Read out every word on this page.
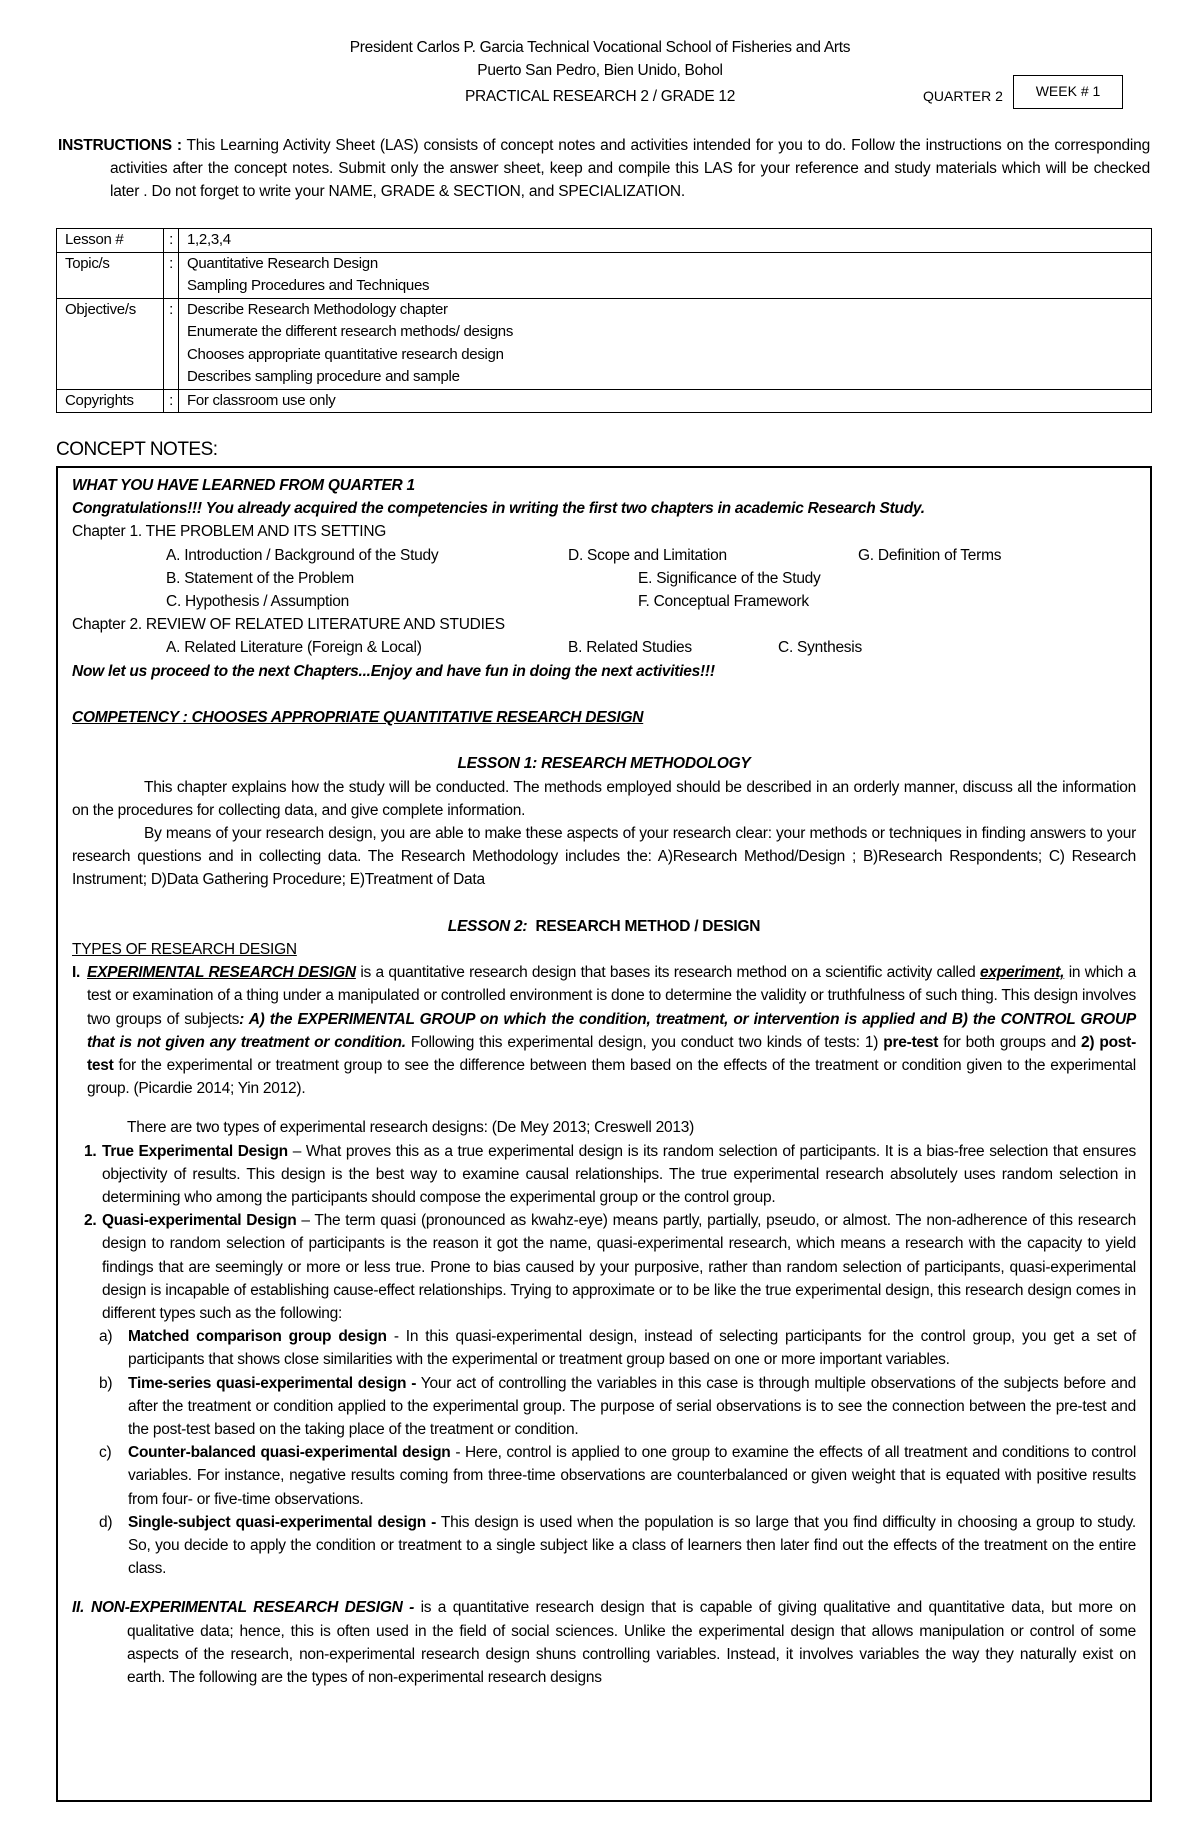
President Carlos P. Garcia Technical Vocational School of Fisheries and Arts
Puerto San Pedro, Bien Unido, Bohol
PRACTICAL RESEARCH 2 / GRADE 12	QUARTER 2	WEEK # 1
INSTRUCTIONS : This Learning Activity Sheet (LAS) consists of concept notes and activities intended for you to do. Follow the instructions on the corresponding activities after the concept notes. Submit only the answer sheet, keep and compile this LAS for your reference and study materials which will be checked later . Do not forget to write your NAME, GRADE & SECTION, and SPECIALIZATION.
Lesson #	:	1,2,3,4
Topic/s	:	Quantitative Research Design
Sampling Procedures and Techniques

Objective/s	:	Describe Research Methodology chapter
Enumerate the different research methods/ designs
Chooses appropriate quantitative research design
Describes sampling procedure and sample

Copyrights	:	For classroom use only
CONCEPT NOTES:
WHAT YOU HAVE LEARNED FROM QUARTER 1
Congratulations!!! You already acquired the competencies in writing the first two chapters in academic Research Study.
Chapter 1. THE PROBLEM AND ITS SETTING
A. Introduction / Background of the Study	D. Scope and Limitation	G. Definition of Terms
B. Statement of the Problem	E. Significance of the Study
C. Hypothesis / Assumption	F. Conceptual Framework
Chapter 2. REVIEW OF RELATED LITERATURE AND STUDIES
A. Related Literature (Foreign & Local)	B. Related Studies	C. Synthesis
Now let us proceed to the next Chapters...Enjoy and have fun in doing the next activities!!!
COMPETENCY : CHOOSES APPROPRIATE QUANTITATIVE RESEARCH DESIGN
LESSON 1: RESEARCH METHODOLOGY
This chapter explains how the study will be conducted. The methods employed should be described in an orderly manner, discuss all the information on the procedures for collecting data, and give complete information.
By means of your research design, you are able to make these aspects of your research clear: your methods or techniques in finding answers to your research questions and in collecting data. The Research Methodology includes the: A)Research Method/Design ; B)Research Respondents; C) Research Instrument; D)Data Gathering Procedure; E)Treatment of Data
LESSON 2: RESEARCH METHOD / DESIGN
TYPES OF RESEARCH DESIGN
I. EXPERIMENTAL RESEARCH DESIGN is a quantitative research design that bases its research method on a scientific activity called experiment, in which a test or examination of a thing under a manipulated or controlled environment is done to determine the validity or truthfulness of such thing. This design involves two groups of subjects: A) the EXPERIMENTAL GROUP on which the condition, treatment, or intervention is applied and B) the CONTROL GROUP that is not given any treatment or condition. Following this experimental design, you conduct two kinds of tests: 1) pre-test for both groups and 2) post-test for the experimental or treatment group to see the difference between them based on the effects of the treatment or condition given to the experimental group. (Picardie 2014; Yin 2012).
There are two types of experimental research designs: (De Mey 2013; Creswell 2013)
1. True Experimental Design – What proves this as a true experimental design is its random selection of participants. It is a bias-free selection that ensures objectivity of results. This design is the best way to examine causal relationships. The true experimental research absolutely uses random selection in determining who among the participants should compose the experimental group or the control group.
2. Quasi-experimental Design – The term quasi (pronounced as kwahz-eye) means partly, partially, pseudo, or almost. The non-adherence of this research design to random selection of participants is the reason it got the name, quasi-experimental research, which means a research with the capacity to yield findings that are seemingly or more or less true. Prone to bias caused by your purposive, rather than random selection of participants, quasi-experimental design is incapable of establishing cause-effect relationships. Trying to approximate or to be like the true experimental design, this research design comes in different types such as the following:
a) Matched comparison group design - In this quasi-experimental design, instead of selecting participants for the control group, you get a set of participants that shows close similarities with the experimental or treatment group based on one or more important variables.
b) Time-series quasi-experimental design - Your act of controlling the variables in this case is through multiple observations of the subjects before and after the treatment or condition applied to the experimental group. The purpose of serial observations is to see the connection between the pre-test and the post-test based on the taking place of the treatment or condition.
c) Counter-balanced quasi-experimental design - Here, control is applied to one group to examine the effects of all treatment and conditions to control variables. For instance, negative results coming from three-time observations are counterbalanced or given weight that is equated with positive results from four- or five-time observations.
d) Single-subject quasi-experimental design - This design is used when the population is so large that you find difficulty in choosing a group to study. So, you decide to apply the condition or treatment to a single subject like a class of learners then later find out the effects of the treatment on the entire class.
II. NON-EXPERIMENTAL RESEARCH DESIGN - is a quantitative research design that is capable of giving qualitative and quantitative data, but more on qualitative data; hence, this is often used in the field of social sciences. Unlike the experimental design that allows manipulation or control of some aspects of the research, non-experimental research design shuns controlling variables. Instead, it involves variables the way they naturally exist on earth. The following are the types of non-experimental research designs
